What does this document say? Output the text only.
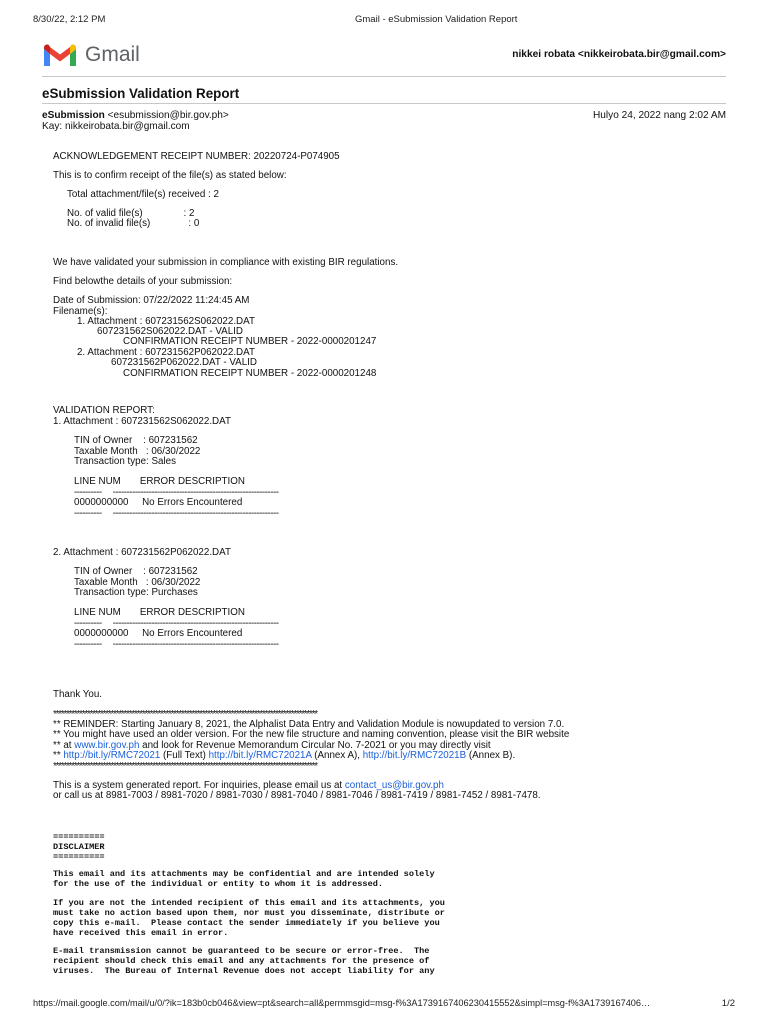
8/30/22, 2:12 PM	Gmail - eSubmission Validation Report
Gmail	nikkei robata <nikkeirobata.bir@gmail.com>
eSubmission Validation Report
eSubmission <esubmission@bir.gov.ph>	Hulyo 24, 2022 nang 2:02 AM
Kay: nikkeirobata.bir@gmail.com
ACKNOWLEDGEMENT RECEIPT NUMBER: 20220724-P074905
This is to confirm receipt of the file(s) as stated below:
Total attachment/file(s) received : 2
No. of valid file(s)               : 2
No. of invalid file(s)              : 0
We have validated your submission in compliance with existing BIR regulations.
Find belowthe details of your submission:
Date of Submission: 07/22/2022 11:24:45 AM
Filename(s):
1. Attachment : 607231562S062022.DAT
607231562S062022.DAT - VALID
CONFIRMATION RECEIPT NUMBER - 2022-0000201247
2. Attachment : 607231562P062022.DAT
607231562P062022.DAT - VALID
CONFIRMATION RECEIPT NUMBER - 2022-0000201248
VALIDATION REPORT:
1. Attachment : 607231562S062022.DAT
TIN of Owner    : 607231562
Taxable Month   : 06/30/2022
Transaction type: Sales
LINE NUM       ERROR DESCRIPTION
----------     ------------------------------------------------------------
0000000000     No Errors Encountered
----------     ------------------------------------------------------------
2. Attachment : 607231562P062022.DAT
TIN of Owner    : 607231562
Taxable Month   : 06/30/2022
Transaction type: Purchases
LINE NUM       ERROR DESCRIPTION
----------     ------------------------------------------------------------
0000000000     No Errors Encountered
----------     ------------------------------------------------------------
Thank You.
*****************************************************************************************************
** REMINDER: Starting January 8, 2021, the Alphalist Data Entry and Validation Module is nowupdated to version 7.0.
** You might have used an older version. For the new file structure and naming convention, please visit the BIR website
** at www.bir.gov.ph and look for Revenue Memorandum Circular No. 7-2021 or you may directly visit
** http://bit.ly/RMC72021 (Full Text) http://bit.ly/RMC72021A (Annex A), http://bit.ly/RMC72021B (Annex B).
*****************************************************************************************************
This is a system generated report. For inquiries, please email us at contact_us@bir.gov.ph
or call us at 8981-7003 / 8981-7020 / 8981-7030 / 8981-7040 / 8981-7046 / 8981-7419 / 8981-7452 / 8981-7478.
==========
DISCLAIMER
==========
This email and its attachments may be confidential and are intended solely
for the use of the individual or entity to whom it is addressed.
If you are not the intended recipient of this email and its attachments, you
must take no action based upon them, nor must you disseminate, distribute or
copy this e-mail.  Please contact the sender immediately if you believe you
have received this email in error.
E-mail transmission cannot be guaranteed to be secure or error-free.  The
recipient should check this email and any attachments for the presence of
viruses.  The Bureau of Internal Revenue does not accept liability for any
https://mail.google.com/mail/u/0/?ik=183b0cb046&view=pt&search=all&permmsgid=msg-f%3A1739167406230415552&simpl=msg-f%3A1739167406…	1/2
